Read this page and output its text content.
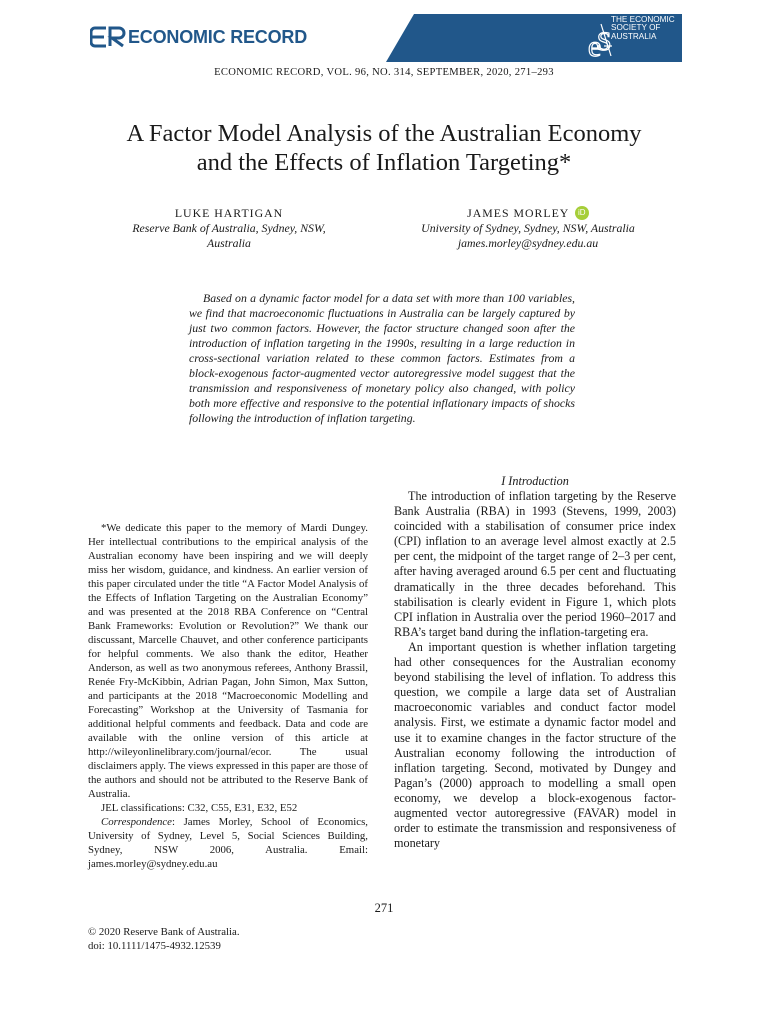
ECONOMIC RECORD	e
S
THE ECONOMIC
SOCIETY OF
AUSTRALIA
ECONOMIC RECORD, VOL. 96, NO. 314, SEPTEMBER, 2020, 271–293
A Factor Model Analysis of the Australian Economy
and the Effects of Inflation Targeting*
LUKE HARTIGAN
Reserve Bank of Australia, Sydney, NSW,
Australia
JAMES MORLEY iD
University of Sydney, Sydney, NSW, Australia
james.morley@sydney.edu.au

Based on a dynamic factor model for a data set with more than 100 variables, we find that macroeconomic fluctuations in Australia can be largely captured by just two common factors. However, the factor structure changed soon after the introduction of inflation targeting in the 1990s, resulting in a large reduction in cross-sectional variation related to these common factors. Estimates from a block-exogenous factor-augmented vector autoregressive model suggest that the transmission and responsiveness of monetary policy also changed, with policy both more effective and responsive to the potential inflationary impacts of shocks following the introduction of inflation targeting.

*We dedicate this paper to the memory of Mardi Dungey. Her intellectual contributions to the empirical analysis of the Australian economy have been inspiring and we will deeply miss her wisdom, guidance, and kindness. An earlier version of this paper circulated under the title “A Factor Model Analysis of the Effects of Inflation Targeting on the Australian Economy” and was presented at the 2018 RBA Conference on “Central Bank Frameworks: Evolution or Revolution?” We thank our discussant, Marcelle Chauvet, and other conference participants for helpful comments. We also thank the editor, Heather Anderson, as well as two anonymous referees, Anthony Brassil, Renée Fry-McKibbin, Adrian Pagan, John Simon, Max Sutton, and participants at the 2018 “Macroeconomic Modelling and Forecasting” Workshop at the University of Tasmania for additional helpful comments and feedback. Data and code are available with the online version of this article at http://wileyonlinelibrary.com/journal/ecor. The usual disclaimers apply. The views expressed in this paper are those of the authors and should not be attributed to the Reserve Bank of Australia.

JEL classifications: C32, C55, E31, E32, E52

Correspondence: James Morley, School of Economics, University of Sydney, Level 5, Social Sciences Building, Sydney, NSW 2006, Australia. Email: james.morley@sydney.edu.au

I Introduction

The introduction of inflation targeting by the Reserve Bank Australia (RBA) in 1993 (Stevens, 1999, 2003) coincided with a stabilisation of consumer price index (CPI) inflation to an average level almost exactly at 2.5 per cent, the midpoint of the target range of 2–3 per cent, after having averaged around 6.5 per cent and fluctuating dramatically in the three decades beforehand. This stabilisation is clearly evident in Figure 1, which plots CPI inflation in Australia over the period 1960–2017 and RBA’s target band during the inflation-targeting era.

An important question is whether inflation targeting had other consequences for the Australian economy beyond stabilising the level of inflation. To address this question, we compile a large data set of Australian macroeconomic variables and conduct factor model analysis. First, we estimate a dynamic factor model and use it to examine changes in the factor structure of the Australian economy following the introduction of inflation targeting. Second, motivated by Dungey and Pagan’s (2000) approach to modelling a small open economy, we develop a block-exogenous factor-augmented vector autoregressive (FAVAR) model in order to estimate the transmission and responsiveness of monetary

271
© 2020 Reserve Bank of Australia.
doi: 10.1111/1475-4932.12539
